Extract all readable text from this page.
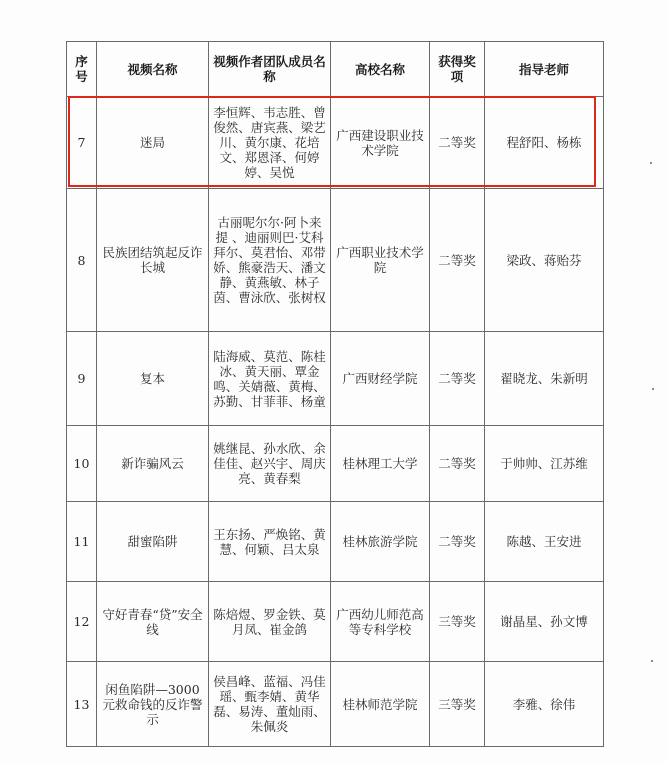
序号	视频名称	视频作者团队成员名称	高校名称	获得奖项	指导老师
7	迷局	李恒辉、韦志胜、曾俊然、唐宾燕、梁艺川、黄尔康、花培文、郑恩泽、何婷婷、吴悦	广西建设职业技术学院	二等奖	程舒阳、杨栋
8	民族团结筑起反诈长城	古丽呢尔尔·阿卜来提 、迪丽则巴·艾科拜尔、莫君怡、邓带娇、熊豪浩天、潘文静、黄燕敏、林子茵、曹泳欣、张树权	广西职业技术学院	二等奖	梁政、蒋贻芬
9	复本	陆海威、莫范、陈桂冰、黄天丽、覃金鸣、关婧薇、黄梅、苏勤、甘菲菲、杨童	广西财经学院	二等奖	翟晓龙、朱新明
10	新诈骗风云	姚继昆、孙水欣、余佳佳、赵兴宇、周庆亮、黄春梨	桂林理工大学	二等奖	于帅帅、江苏维
11	甜蜜陷阱	王东扬、严焕铭、黄慧、何颖、吕太泉	桂林旅游学院	二等奖	陈越、王安进
12	守好青春“贷”安全线	陈焙煜、罗金铁、莫月凤、崔金鸽	广西幼儿师范高等专科学校	三等奖	谢晶星、孙文博
13	闲鱼陷阱—3000元救命钱的反诈警示	侯昌峰、蓝福、冯佳瑶、甄李婧、黄华磊、易涛、董灿雨、朱佩炎	桂林师范学院	三等奖	李雅、徐伟
